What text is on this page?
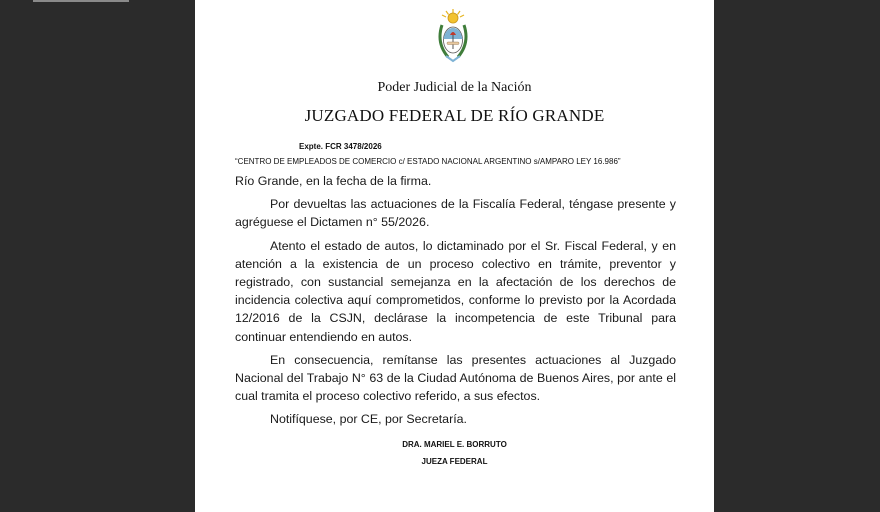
Poder Judicial de la Nación
JUZGADO FEDERAL DE RÍO GRANDE
Expte. FCR 3478/2026
“CENTRO DE EMPLEADOS DE COMERCIO c/ ESTADO NACIONAL ARGENTINO s/AMPARO LEY 16.986”

Río Grande, en la fecha de la firma.

Por devueltas las actuaciones de la Fiscalía Federal, téngase presente y agréguese el Dictamen n° 55/2026.

Atento el estado de autos, lo dictaminado por el Sr. Fiscal Federal, y en atención a la existencia de un proceso colectivo en trámite, preventor y registrado, con sustancial semejanza en la afectación de los derechos de incidencia colectiva aquí comprometidos, conforme lo previsto por la Acordada 12/2016 de la CSJN, declárase la incompetencia de este Tribunal para continuar entendiendo en autos.

En consecuencia, remítanse las presentes actuaciones al Juzgado Nacional del Trabajo N° 63 de la Ciudad Autónoma de Buenos Aires, por ante el cual tramita el proceso colectivo referido, a sus efectos.

Notifíquese, por CE, por Secretaría.

DRA. MARIEL E. BORRUTO
JUEZA FEDERAL
